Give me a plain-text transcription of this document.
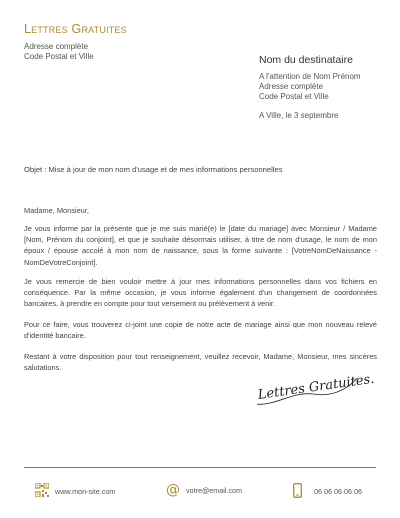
Lettres Gratuites
Adresse complète
Code Postal et Ville	Nom du destinataire
A l'attention de Nom Prénom
Adresse complète
Code Postal et Ville
A Ville, le 3 septembre
Objet : Mise à jour de mon nom d'usage et de mes informations personnelles
Madame, Monsieur,
Je vous informe par la présente que je me suis marié(e) le [date du mariage] avec Monsieur / Madame [Nom, Prénom du conjoint], et que je souhaite désormais utiliser, à titre de nom d'usage, le nom de mon époux / épouse accolé à mon nom de naissance, sous la forme suivante : [VotreNomDeNaissance - NomDeVotreConjoint].
Je vous remercie de bien vouloir mettre à jour mes informations personnelles dans vos fichiers en conséquence. Par la même occasion, je vous informe également d'un changement de coordonnées bancaires, à prendre en compte pour tout versement ou prélèvement à venir.
Pour ce faire, vous trouverez ci-joint une copie de notre acte de mariage ainsi que mon nouveau relevé d'identité bancaire.
Restant à votre disposition pour tout renseignement, veuillez recevoir, Madame, Monsieur, mes sincères salutations.
Lettres Gratuites.
www.mon-site.com	@ votre@email.com	06 06 06 06 06
